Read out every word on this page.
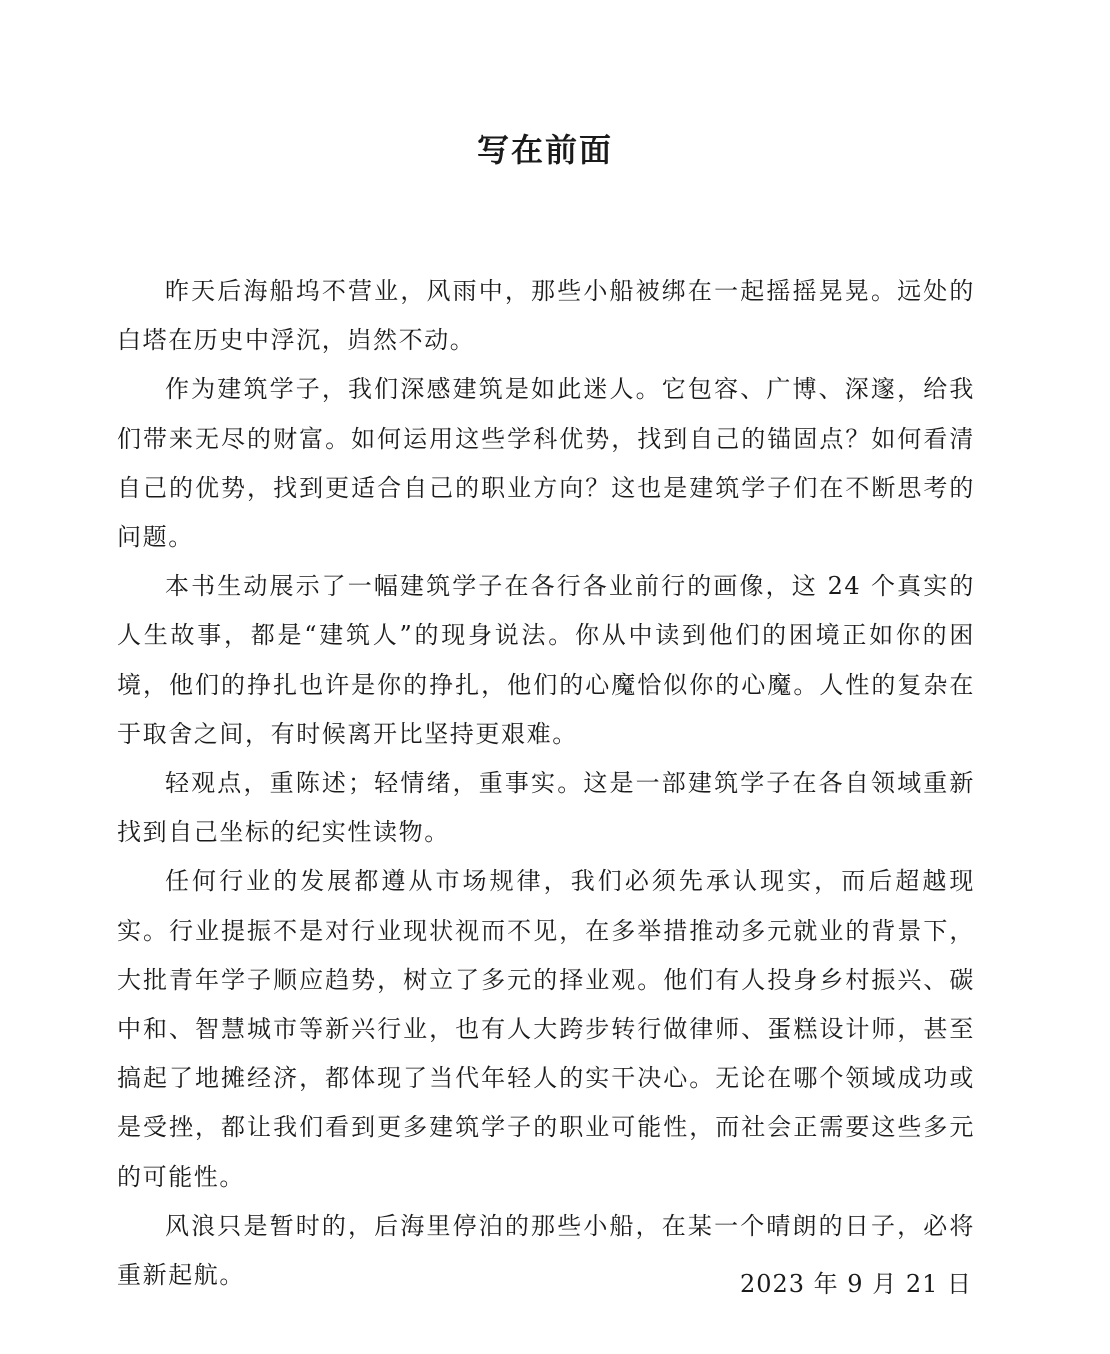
写在前面

昨天后海船坞不营业，风雨中，那些小船被绑在一起摇摇晃晃。远处的白塔在历史中浮沉，岿然不动。

作为建筑学子，我们深感建筑是如此迷人。它包容、广博、深邃，给我们带来无尽的财富。如何运用这些学科优势，找到自己的锚固点？如何看清自己的优势，找到更适合自己的职业方向？这也是建筑学子们在不断思考的问题。

本书生动展示了一幅建筑学子在各行各业前行的画像，这 24 个真实的人生故事，都是“建筑人”的现身说法。你从中读到他们的困境正如你的困境，他们的挣扎也许是你的挣扎，他们的心魔恰似你的心魔。人性的复杂在于取舍之间，有时候离开比坚持更艰难。

轻观点，重陈述；轻情绪，重事实。这是一部建筑学子在各自领域重新找到自己坐标的纪实性读物。

任何行业的发展都遵从市场规律，我们必须先承认现实，而后超越现实。行业提振不是对行业现状视而不见，在多举措推动多元就业的背景下，大批青年学子顺应趋势，树立了多元的择业观。他们有人投身乡村振兴、碳中和、智慧城市等新兴行业，也有人大跨步转行做律师、蛋糕设计师，甚至搞起了地摊经济，都体现了当代年轻人的实干决心。无论在哪个领域成功或是受挫，都让我们看到更多建筑学子的职业可能性，而社会正需要这些多元的可能性。

风浪只是暂时的，后海里停泊的那些小船，在某一个晴朗的日子，必将重新起航。	2023 年 9 月 21 日
